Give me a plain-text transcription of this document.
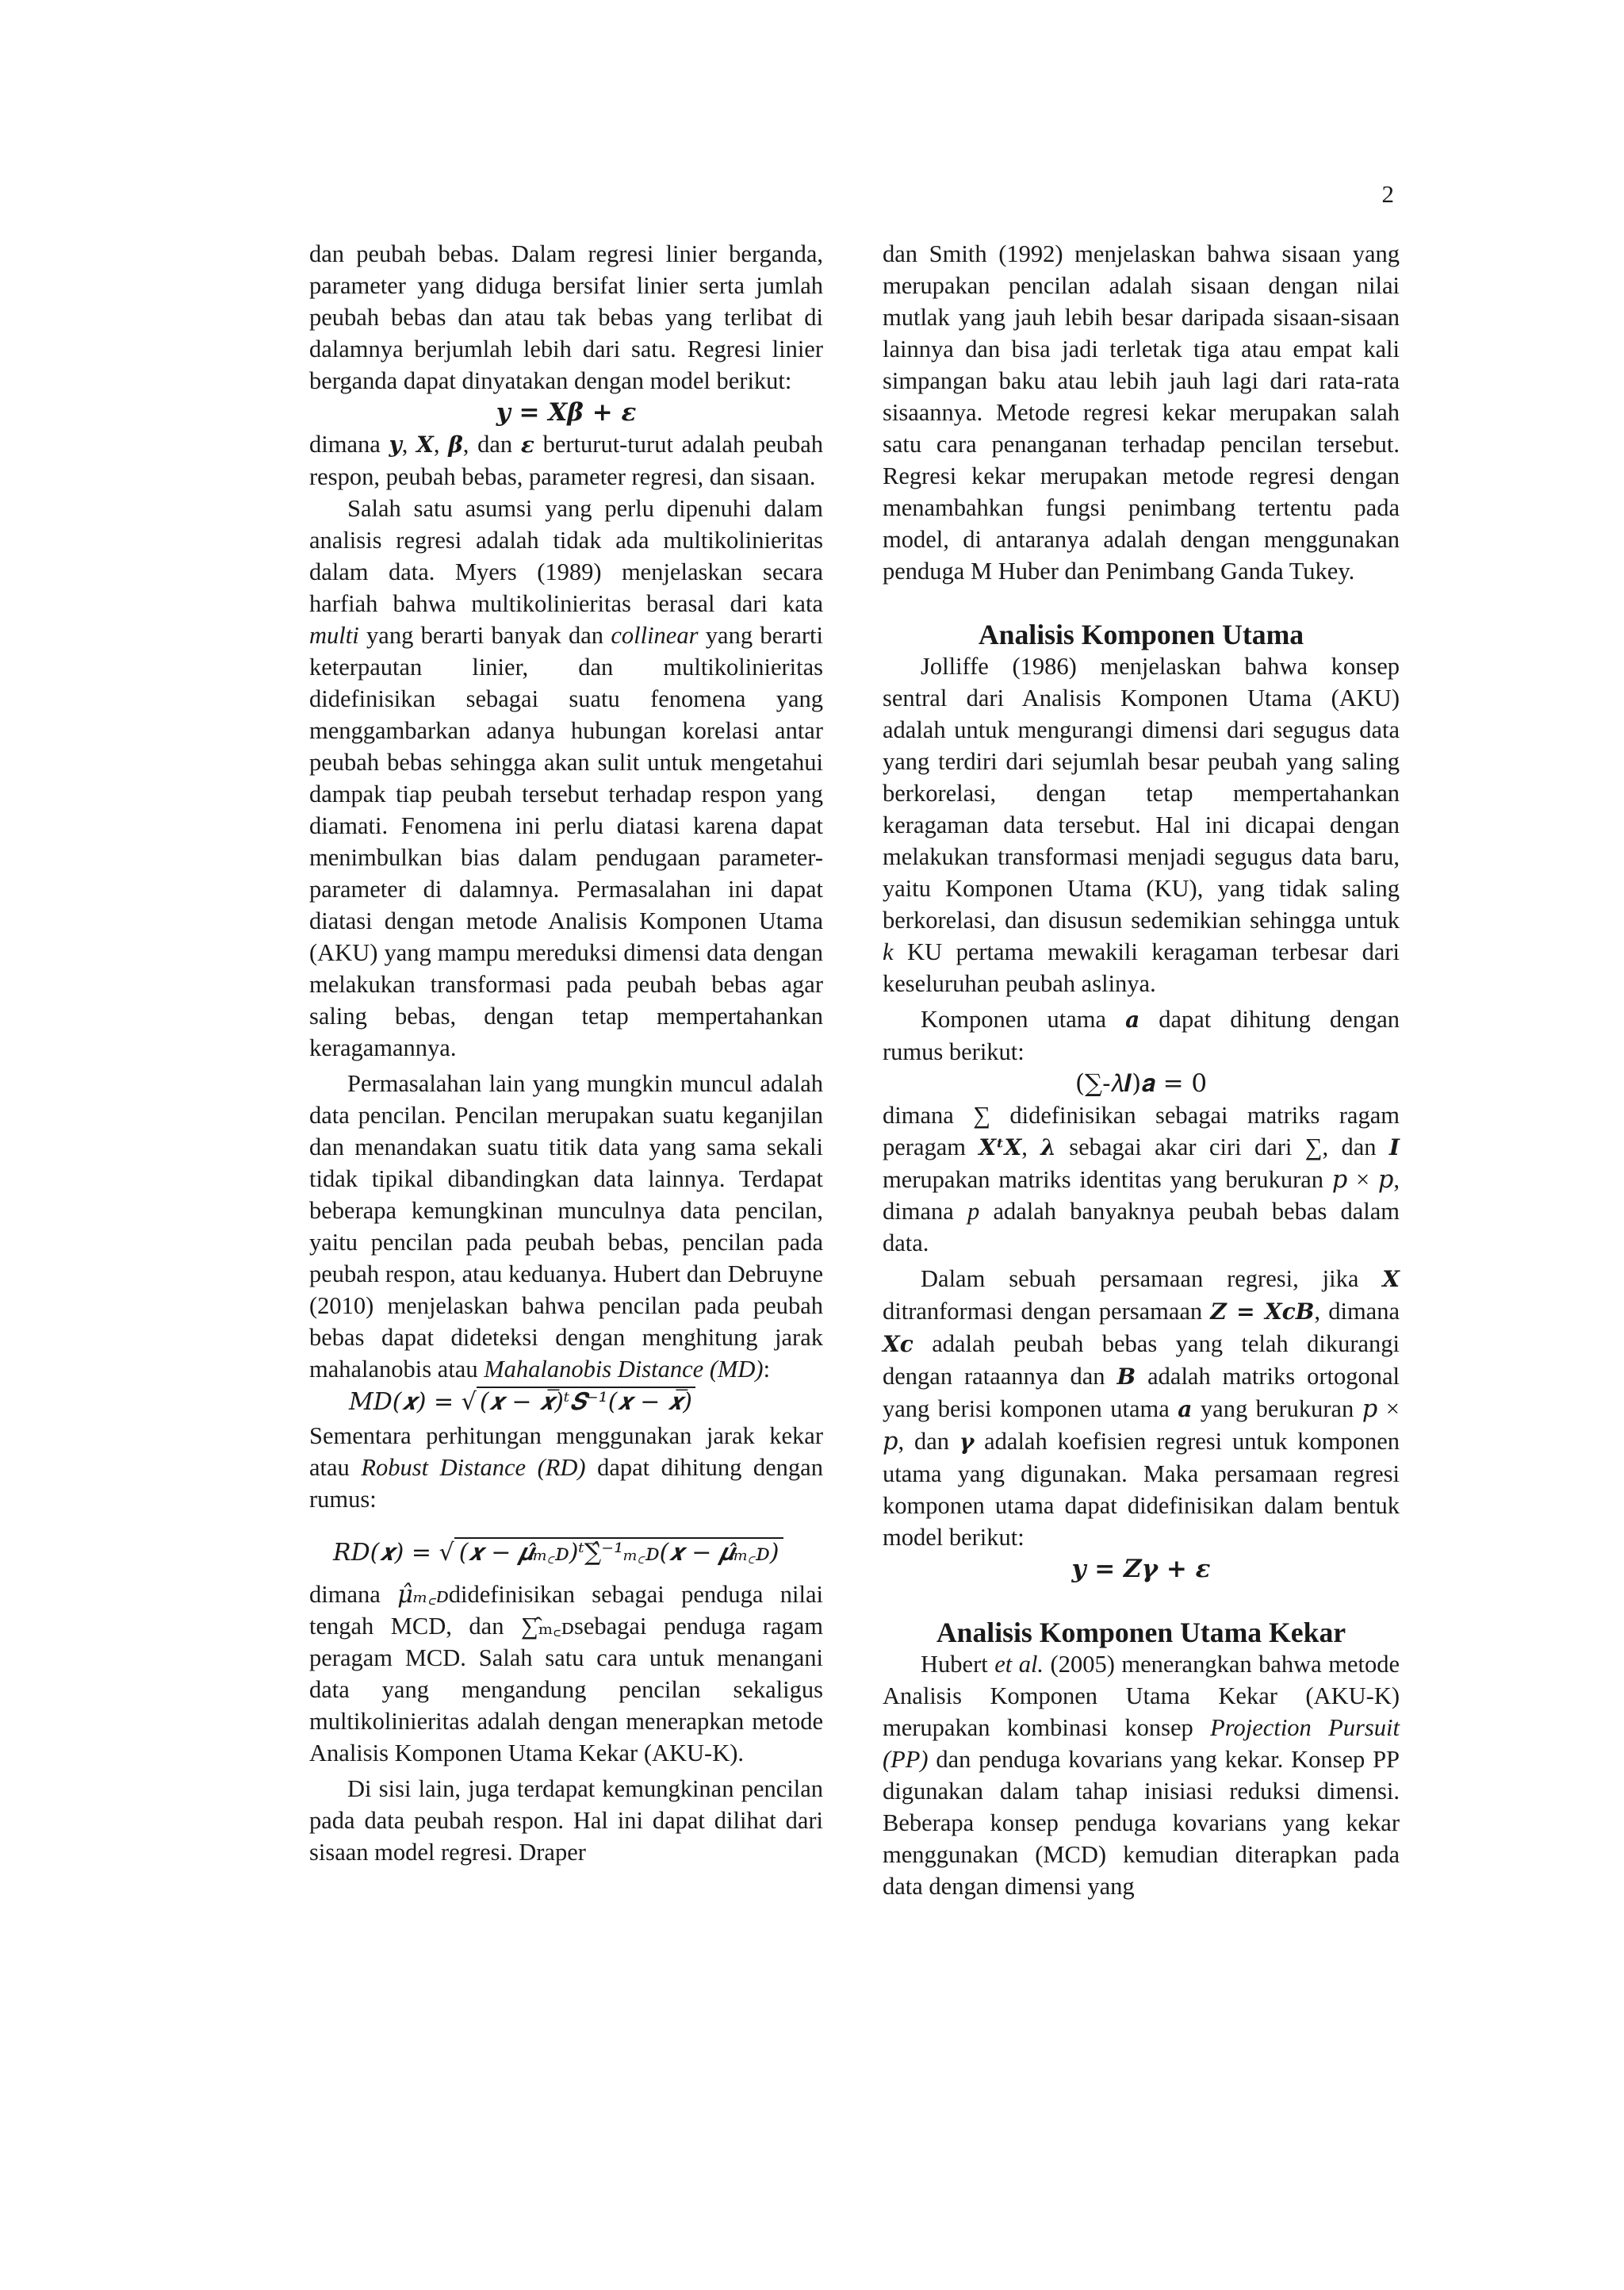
2

dan peubah bebas. Dalam regresi linier berganda, parameter yang diduga bersifat linier serta jumlah peubah bebas dan atau tak bebas yang terlibat di dalamnya berjumlah lebih dari satu. Regresi linier berganda dapat dinyatakan dengan model berikut:

𝒚 = 𝑿𝜷 + 𝜺

dimana 𝒚, 𝑿, 𝜷, dan 𝜺 berturut-turut adalah peubah respon, peubah bebas, parameter regresi, dan sisaan.

Salah satu asumsi yang perlu dipenuhi dalam analisis regresi adalah tidak ada multikolinieritas dalam data. Myers (1989) menjelaskan secara harfiah bahwa multikolinieritas berasal dari kata multi yang berarti banyak dan collinear yang berarti keterpautan linier, dan multikolinieritas didefinisikan sebagai suatu fenomena yang menggambarkan adanya hubungan korelasi antar peubah bebas sehingga akan sulit untuk mengetahui dampak tiap peubah tersebut terhadap respon yang diamati. Fenomena ini perlu diatasi karena dapat menimbulkan bias dalam pendugaan parameter-parameter di dalamnya. Permasalahan ini dapat diatasi dengan metode Analisis Komponen Utama (AKU) yang mampu mereduksi dimensi data dengan melakukan transformasi pada peubah bebas agar saling bebas, dengan tetap mempertahankan keragamannya.

Permasalahan lain yang mungkin muncul adalah data pencilan. Pencilan merupakan suatu keganjilan dan menandakan suatu titik data yang sama sekali tidak tipikal dibandingkan data lainnya. Terdapat beberapa kemungkinan munculnya data pencilan, yaitu pencilan pada peubah bebas, pencilan pada peubah respon, atau keduanya. Hubert dan Debruyne (2010) menjelaskan bahwa pencilan pada peubah bebas dapat dideteksi dengan menghitung jarak mahalanobis atau Mahalanobis Distance (MD):

𝑀𝐷(𝒙) = √ (𝒙 − 𝒙̅)ᵗ𝑺⁻¹(𝒙 − 𝒙̅)

Sementara perhitungan menggunakan jarak kekar atau Robust Distance (RD) dapat dihitung dengan rumus:

𝑅𝐷(𝒙) = √ (𝒙 − 𝝁̂ₘ꜀ᴅ)ᵗ∑̂⁻¹ₘ꜀ᴅ(𝒙 − 𝝁̂ₘ꜀ᴅ)

dimana 𝜇̂ₘ꜀ᴅdidefinisikan sebagai penduga nilai tengah MCD, dan ∑̂ₘ꜀ᴅsebagai penduga ragam peragam MCD. Salah satu cara untuk menangani data yang mengandung pencilan sekaligus multikolinieritas adalah dengan menerapkan metode Analisis Komponen Utama Kekar (AKU-K).

Di sisi lain, juga terdapat kemungkinan pencilan pada data peubah respon. Hal ini dapat dilihat dari sisaan model regresi. Draper

dan Smith (1992) menjelaskan bahwa sisaan yang merupakan pencilan adalah sisaan dengan nilai mutlak yang jauh lebih besar daripada sisaan-sisaan lainnya dan bisa jadi terletak tiga atau empat kali simpangan baku atau lebih jauh lagi dari rata-rata sisaannya. Metode regresi kekar merupakan salah satu cara penanganan terhadap pencilan tersebut. Regresi kekar merupakan metode regresi dengan menambahkan fungsi penimbang tertentu pada model, di antaranya adalah dengan menggunakan penduga M Huber dan Penimbang Ganda Tukey.

Analisis Komponen Utama

Jolliffe (1986) menjelaskan bahwa konsep sentral dari Analisis Komponen Utama (AKU) adalah untuk mengurangi dimensi dari segugus data yang terdiri dari sejumlah besar peubah yang saling berkorelasi, dengan tetap mempertahankan keragaman data tersebut. Hal ini dicapai dengan melakukan transformasi menjadi segugus data baru, yaitu Komponen Utama (KU), yang tidak saling berkorelasi, dan disusun sedemikian sehingga untuk k KU pertama mewakili keragaman terbesar dari keseluruhan peubah aslinya.

Komponen utama 𝒂 dapat dihitung dengan rumus berikut:

(∑-𝜆𝑰)𝒂 = 0

dimana ∑ didefinisikan sebagai matriks ragam peragam 𝑿ᵗ𝑿, 𝝀 sebagai akar ciri dari ∑, dan 𝑰 merupakan matriks identitas yang berukuran 𝑝 × 𝑝, dimana p adalah banyaknya peubah bebas dalam data.

Dalam sebuah persamaan regresi, jika 𝑿 ditranformasi dengan persamaan 𝒁 = 𝑿𝒄𝑩, dimana 𝑿𝒄 adalah peubah bebas yang telah dikurangi dengan rataannya dan 𝑩 adalah matriks ortogonal yang berisi komponen utama 𝒂 yang berukuran 𝑝 × 𝑝, dan 𝜸 adalah koefisien regresi untuk komponen utama yang digunakan. Maka persamaan regresi komponen utama dapat didefinisikan dalam bentuk model berikut:

𝒚 = 𝒁𝜸 + 𝜺
Analisis Komponen Utama Kekar

Hubert et al. (2005) menerangkan bahwa metode Analisis Komponen Utama Kekar (AKU-K) merupakan kombinasi konsep Projection Pursuit (PP) dan penduga kovarians yang kekar. Konsep PP digunakan dalam tahap inisiasi reduksi dimensi. Beberapa konsep penduga kovarians yang kekar menggunakan (MCD) kemudian diterapkan pada data dengan dimensi yang
